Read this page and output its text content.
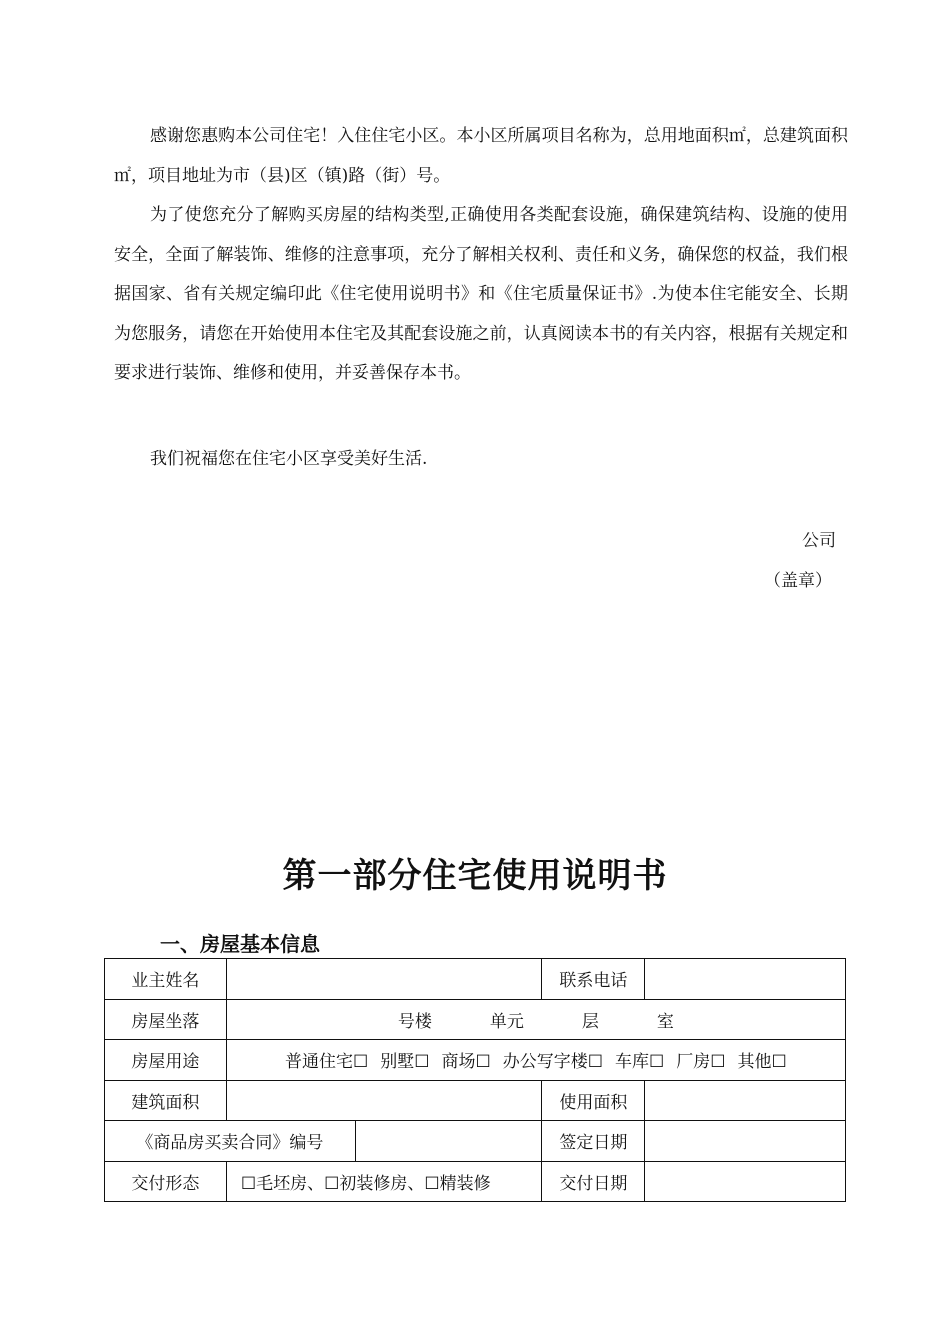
感谢您惠购本公司住宅！入住住宅小区。本小区所属项目名称为，总用地面积㎡，总建筑面积㎡，项目地址为市（县)区（镇)路（街）号。

为了使您充分了解购买房屋的结构类型,正确使用各类配套设施，确保建筑结构、设施的使用安全，全面了解装饰、维修的注意事项，充分了解相关权利、责任和义务，确保您的权益，我们根据国家、省有关规定编印此《住宅使用说明书》和《住宅质量保证书》.为使本住宅能安全、长期为您服务，请您在开始使用本住宅及其配套设施之前，认真阅读本书的有关内容，根据有关规定和要求进行装饰、维修和使用，并妥善保存本书。

我们祝福您在住宅小区享受美好生活.

公司
（盖章）
第一部分住宅使用说明书
一、房屋基本信息
业主姓名			联系电话	
房屋坐落	号楼 单元 层 室			
房屋用途	普通住宅☐ 别墅☐ 商场☐ 办公写字楼☐ 车库☐ 厂房☐ 其他☐			
建筑面积			使用面积	
《商品房买卖合同》编号			签定日期	
交付形态	☐毛坯房、☐初装修房、☐精装修		交付日期	
